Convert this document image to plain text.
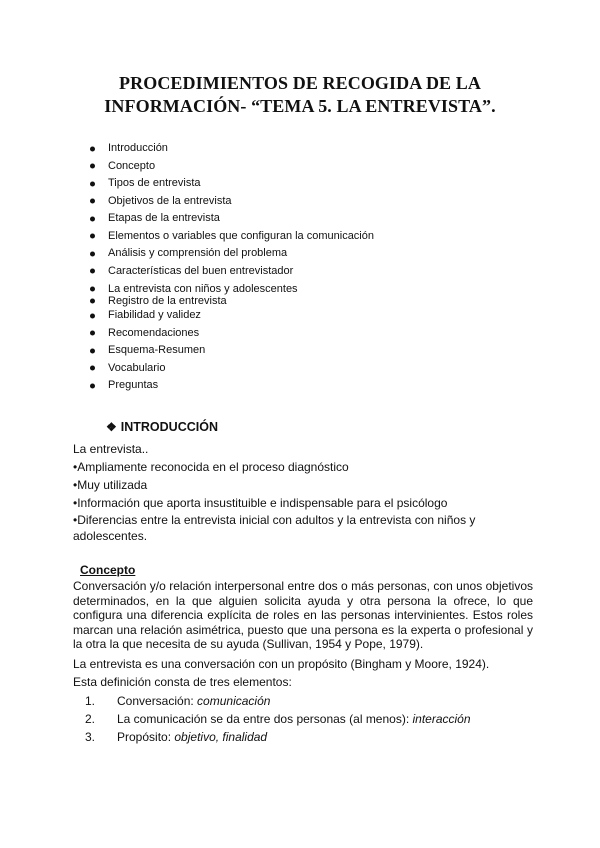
PROCEDIMIENTOS DE RECOGIDA DE LA
INFORMACIÓN- “TEMA 5. LA ENTREVISTA”.
Introducción
Concepto
Tipos de entrevista
Objetivos de la entrevista
Etapas de la entrevista
Elementos o variables que configuran la comunicación
Análisis y comprensión del problema
Características del buen entrevistador
La entrevista con niños y adolescentes
Registro de la entrevista
Fiabilidad y validez
Recomendaciones
Esquema-Resumen
Vocabulario
Preguntas
❖ INTRODUCCIÓN
La entrevista..
•Ampliamente reconocida en el proceso diagnóstico
•Muy utilizada
•Información que aporta insustituible e indispensable para el psicólogo
•Diferencias entre la entrevista inicial con adultos y la entrevista con niños y adolescentes.
Concepto
Conversación y/o relación interpersonal entre dos o más personas, con unos objetivos determinados, en la que alguien solicita ayuda y otra persona la ofrece, lo que configura una diferencia explícita de roles en las personas intervinientes. Estos roles marcan una relación asimétrica, puesto que una persona es la experta o profesional y la otra la que necesita de su ayuda (Sullivan, 1954 y Pope, 1979).
La entrevista es una conversación con un propósito (Bingham y Moore, 1924).
Esta definición consta de tres elementos:
1. Conversación: comunicación
2. La comunicación se da entre dos personas (al menos): interacción
3. Propósito: objetivo, finalidad
